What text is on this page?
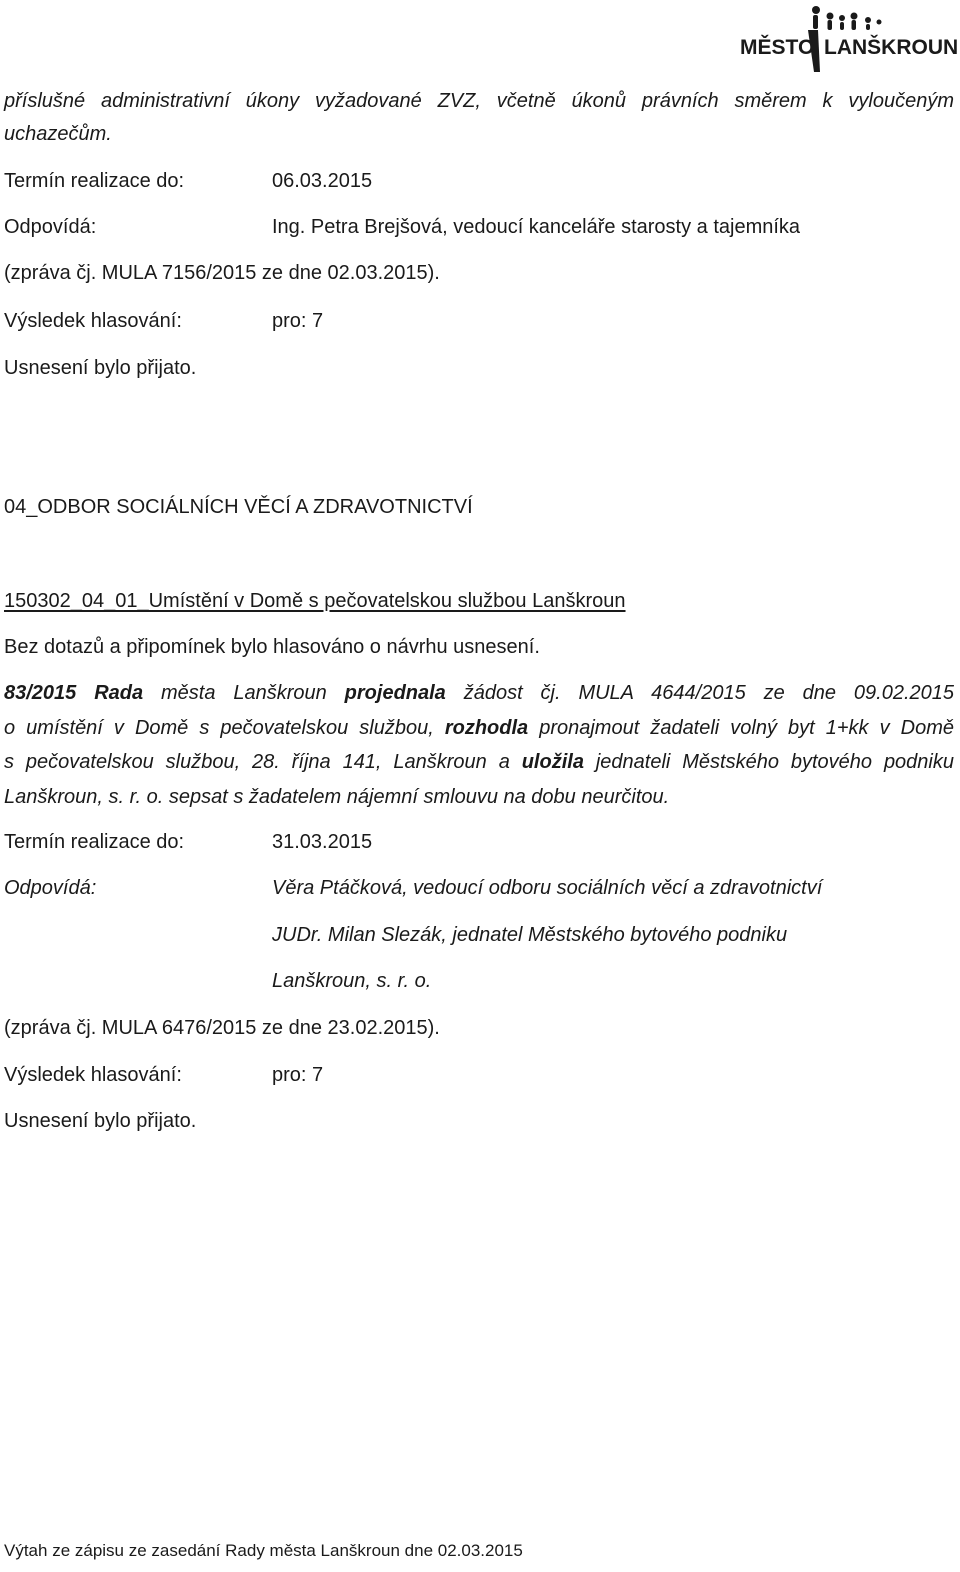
MĚSTO LANŠKROUN
příslušné administrativní úkony vyžadované ZVZ, včetně úkonů právních směrem k vyloučeným
uchazečům.
Termín realizace do:	06.03.2015
Odpovídá:	Ing. Petra Brejšová, vedoucí kanceláře starosty a tajemníka
(zpráva čj. MULA 7156/2015 ze dne 02.03.2015).
Výsledek hlasování:	pro: 7
Usnesení bylo přijato.
04_ODBOR SOCIÁLNÍCH VĚCÍ A ZDRAVOTNICTVÍ
150302_04_01_Umístění v Domě s pečovatelskou službou Lanškroun
Bez dotazů a připomínek bylo hlasováno o návrhu usnesení.
83/2015 Rada města Lanškroun projednala žádost čj. MULA 4644/2015 ze dne 09.02.2015
o umístění v Domě s pečovatelskou službou, rozhodla pronajmout žadateli volný byt 1+kk v Domě
s pečovatelskou službou, 28. října 141, Lanškroun a uložila jednateli Městského bytového podniku
Lanškroun, s. r. o. sepsat s žadatelem nájemní smlouvu na dobu neurčitou.
Termín realizace do:	31.03.2015
Odpovídá:	Věra Ptáčková, vedoucí odboru sociálních věcí a zdravotnictví
JUDr. Milan Slezák, jednatel Městského bytového podniku
Lanškroun, s. r. o.
(zpráva čj. MULA 6476/2015 ze dne 23.02.2015).
Výsledek hlasování:	pro: 7
Usnesení bylo přijato.
Výtah ze zápisu ze zasedání Rady města Lanškroun dne 02.03.2015
